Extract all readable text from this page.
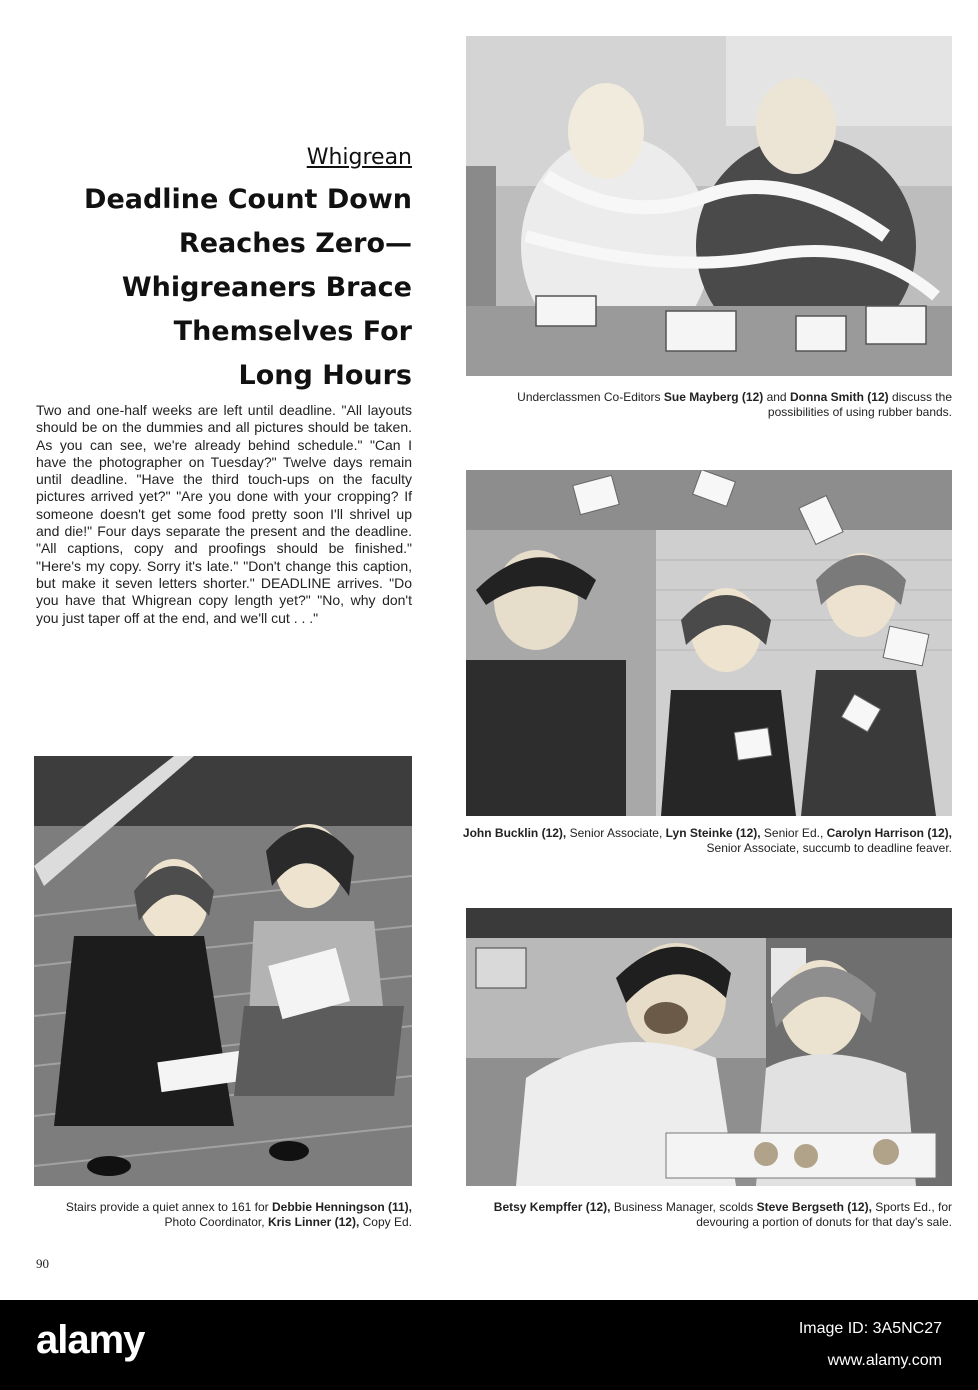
Whigrean
Deadline Count Down
Reaches Zero—
Whigreaners Brace
Themselves For
Long Hours
Two and one-half weeks are left until deadline. "All layouts should be on the dummies and all pictures should be taken. As you can see, we're already behind schedule." "Can I have the photographer on Tuesday?" Twelve days remain until deadline. "Have the third touch-ups on the faculty pictures arrived yet?" "Are you done with your cropping? If someone doesn't get some food pretty soon I'll shrivel up and die!" Four days separate the present and the deadline. "All captions, copy and proofings should be finished." "Here's my copy. Sorry it's late." "Don't change this caption, but make it seven letters shorter." DEADLINE arrives. "Do you have that Whigrean copy length yet?" "No, why don't you just taper off at the end, and we'll cut . . ."
Underclassmen Co-Editors Sue Mayberg (12) and Donna Smith (12) discuss the possibilities of using rubber bands.
John Bucklin (12), Senior Associate, Lyn Steinke (12), Senior Ed., Carolyn Harrison (12), Senior Associate, succumb to deadline feaver.
Betsy Kempffer (12), Business Manager, scolds Steve Bergseth (12), Sports Ed., for devouring a portion of donuts for that day's sale.
Stairs provide a quiet annex to 161 for Debbie Henningson (11), Photo Coordinator, Kris Linner (12), Copy Ed.
90
alamy	Image ID: 3A5NC27
www.alamy.com
